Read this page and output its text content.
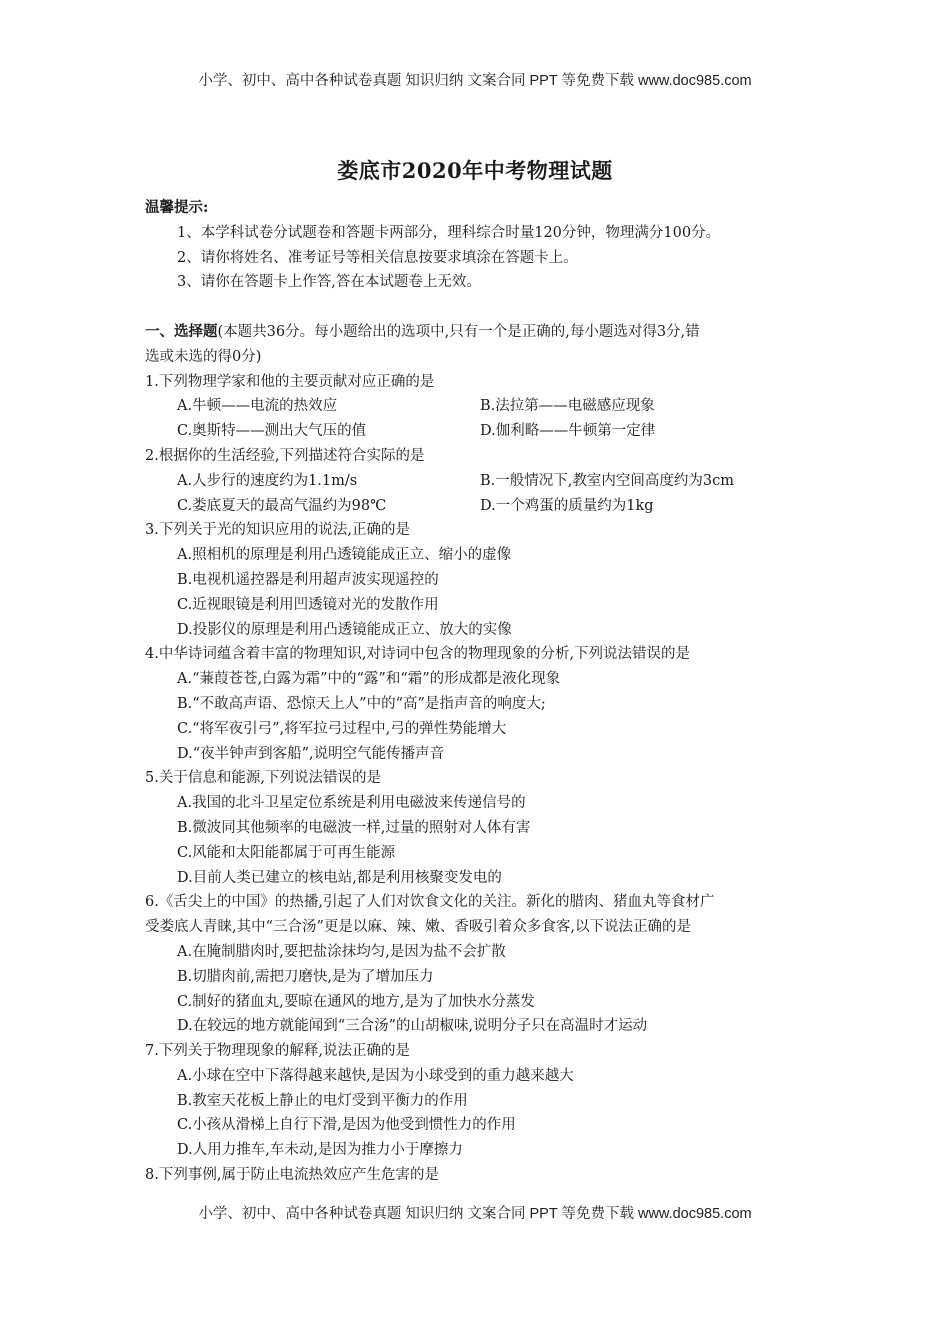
小学、初中、高中各种试卷真题 知识归纳 文案合同 PPT 等免费下载 www.doc985.com
娄底市2020年中考物理试题
温馨提示:
1、本学科试卷分试题卷和答题卡两部分，理科综合时量120分钟，物理满分100分。
2、请你将姓名、准考证号等相关信息按要求填涂在答题卡上。
3、请你在答题卡上作答,答在本试题卷上无效。
一、选择题(本题共36分。每小题给出的选项中,只有一个是正确的,每小题选对得3分,错
选或未选的得0分)
1.下列物理学家和他的主要贡献对应正确的是
A.牛顿——电流的热效应	B.法拉第——电磁感应现象
C.奥斯特——测出大气压的值	D.伽利略——牛顿第一定律
2.根据你的生活经验,下列描述符合实际的是
A.人步行的速度约为1.1m/s	B.一般情况下,教室内空间高度约为3cm
C.娄底夏天的最高气温约为98℃	D.一个鸡蛋的质量约为1kg
3.下列关于光的知识应用的说法,正确的是
A.照相机的原理是利用凸透镜能成正立、缩小的虚像
B.电视机遥控器是利用超声波实现遥控的
C.近视眼镜是利用凹透镜对光的发散作用
D.投影仪的原理是利用凸透镜能成正立、放大的实像
4.中华诗词蕴含着丰富的物理知识,对诗词中包含的物理现象的分析,下列说法错误的是
A.“蒹葭苍苍,白露为霜”中的“露”和“霜”的形成都是液化现象
B.“不敢高声语、恐惊天上人”中的“高”是指声音的响度大;
C.“将军夜引弓”,将军拉弓过程中,弓的弹性势能增大
D.“夜半钟声到客船”,说明空气能传播声音
5.关于信息和能源,下列说法错误的是
A.我国的北斗卫星定位系统是利用电磁波来传递信号的
B.微波同其他频率的电磁波一样,过量的照射对人体有害
C.风能和太阳能都属于可再生能源
D.目前人类已建立的核电站,都是利用核聚变发电的
6.《舌尖上的中国》的热播,引起了人们对饮食文化的关注。新化的腊肉、猪血丸等食材广
受娄底人青睐,其中“三合汤”更是以麻、辣、嫩、香吸引着众多食客,以下说法正确的是
A.在腌制腊肉时,要把盐涂抹均匀,是因为盐不会扩散
B.切腊肉前,需把刀磨快,是为了增加压力
C.制好的猪血丸,要晾在通风的地方,是为了加快水分蒸发
D.在较远的地方就能闻到“三合汤”的山胡椒味,说明分子只在高温时才运动
7.下列关于物理现象的解释,说法正确的是
A.小球在空中下落得越来越快,是因为小球受到的重力越来越大
B.教室天花板上静止的电灯受到平衡力的作用
C.小孩从滑梯上自行下滑,是因为他受到惯性力的作用
D.人用力推车,车未动,是因为推力小于摩擦力
8.下列事例,属于防止电流热效应产生危害的是
小学、初中、高中各种试卷真题 知识归纳 文案合同 PPT 等免费下载 www.doc985.com
